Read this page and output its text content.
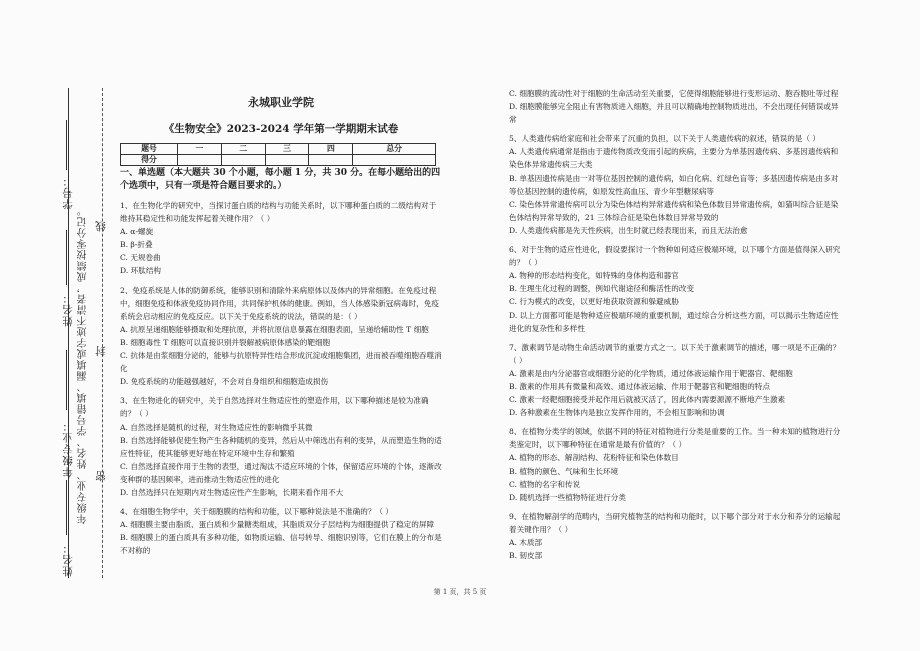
学号：
姓名：
年级专业：
姓名：
年级专业、姓名、学号错填、漏填或字迹不清者，成绩按零分记。 线
封
密
永城职业学院
《生物安全》2023-2024 学年第一学期期末试卷
题号	一	二	三	四	总分
得分					
一、单选题（本大题共 30 个小题，每小题 1 分，共 30 分。在每小题给出的四个选项中，只有一项是符合题目要求的。）

1、在生物化学的研究中，当探讨蛋白质的结构与功能关系时，以下哪种蛋白质的二级结构对于维持其稳定性和功能发挥起着关键作用？（ ）

A. α-螺旋

B. β-折叠

C. 无规卷曲

D. 环肽结构

2、免疫系统是人体的防御系统，能够识别和清除外来病原体以及体内的异常细胞。在免疫过程中，细胞免疫和体液免疫协同作用，共同保护机体的健康。例如，当人体感染新冠病毒时，免疫系统会启动相应的免疫反应。以下关于免疫系统的说法，错误的是：（ ）

A. 抗原呈递细胞能够摄取和处理抗原，并将抗原信息暴露在细胞表面，呈递给辅助性 T 细胞

B. 细胞毒性 T 细胞可以直接识别并裂解被病原体感染的靶细胞

C. 抗体是由浆细胞分泌的，能够与抗原特异性结合形成沉淀或细胞集团，进而被吞噬细胞吞噬消化

D. 免疫系统的功能越强越好，不会对自身组织和细胞造成损伤

3、在生物进化的研究中，关于自然选择对生物适应性的塑造作用，以下哪种描述是较为准确的？（ ）

A. 自然选择是随机的过程，对生物适应性的影响微乎其微

B. 自然选择能够促使生物产生各种随机的变异，然后从中筛选出有利的变异，从而塑造生物的适应性特征，使其能够更好地在特定环境中生存和繁殖

C. 自然选择直接作用于生物的表型，通过淘汰不适应环境的个体，保留适应环境的个体，逐渐改变种群的基因频率，进而推动生物适应性的进化

D. 自然选择只在短期内对生物适应性产生影响，长期来看作用不大

4、在细胞生物学中，关于细胞膜的结构和功能，以下哪种说法是不准确的？（ ）

A. 细胞膜主要由脂质、蛋白质和少量糖类组成，其脂质双分子层结构为细胞提供了稳定的屏障

B. 细胞膜上的蛋白质具有多种功能，如物质运输、信号转导、细胞识别等，它们在膜上的分布是不对称的

C. 细胞膜的流动性对于细胞的生命活动至关重要，它使得细胞能够进行变形运动、胞吞胞吐等过程

D. 细胞膜能够完全阻止有害物质进入细胞，并且可以精确地控制物质进出，不会出现任何错误或异常

5、人类遗传病给家庭和社会带来了沉重的负担，以下关于人类遗传病的叙述，错误的是（ ）

A. 人类遗传病通常是指由于遗传物质改变而引起的疾病，主要分为单基因遗传病、多基因遗传病和染色体异常遗传病三大类

B. 单基因遗传病是由一对等位基因控制的遗传病，如白化病、红绿色盲等；多基因遗传病是由多对等位基因控制的遗传病，如原发性高血压、青少年型糖尿病等

C. 染色体异常遗传病可以分为染色体结构异常遗传病和染色体数目异常遗传病，如猫叫综合征是染色体结构异常导致的，21 三体综合征是染色体数目异常导致的

D. 人类遗传病都是先天性疾病，出生时就已经表现出来，而且无法治愈

6、对于生物的适应性进化，假设要探讨一个物种如何适应极端环境，以下哪个方面是值得深入研究的？（ ）

A. 物种的形态结构变化，如特殊的身体构造和器官

B. 生理生化过程的调整，例如代谢途径和酶活性的改变

C. 行为模式的改变，以更好地获取资源和躲避威胁

D. 以上方面都可能是物种适应极端环境的重要机制，通过综合分析这些方面，可以揭示生物适应性进化的复杂性和多样性

7、激素调节是动物生命活动调节的重要方式之一。以下关于激素调节的描述，哪一项是不正确的？（ ）

A. 激素是由内分泌器官或细胞分泌的化学物质，通过体液运输作用于靶器官、靶细胞

B. 激素的作用具有微量和高效、通过体液运输、作用于靶器官和靶细胞的特点

C. 激素一经靶细胞接受并起作用后就被灭活了，因此体内需要源源不断地产生激素

D. 各种激素在生物体内是独立发挥作用的，不会相互影响和协调

8、在植物分类学的领域，依据不同的特征对植物进行分类是重要的工作。当一种未知的植物进行分类鉴定时，以下哪种特征在通常是最有价值的？（ ）

A. 植物的形态、解剖结构、花粉特征和染色体数目

B. 植物的颜色、气味和生长环境

C. 植物的名字和传说

D. 随机选择一些植物特征进行分类

9、在植物解剖学的范畴内，当研究植物茎的结构和功能时，以下哪个部分对于水分和养分的运输起着关键作用？（ ）

A. 木质部

B. 韧皮部

第 1 页，共 5 页
